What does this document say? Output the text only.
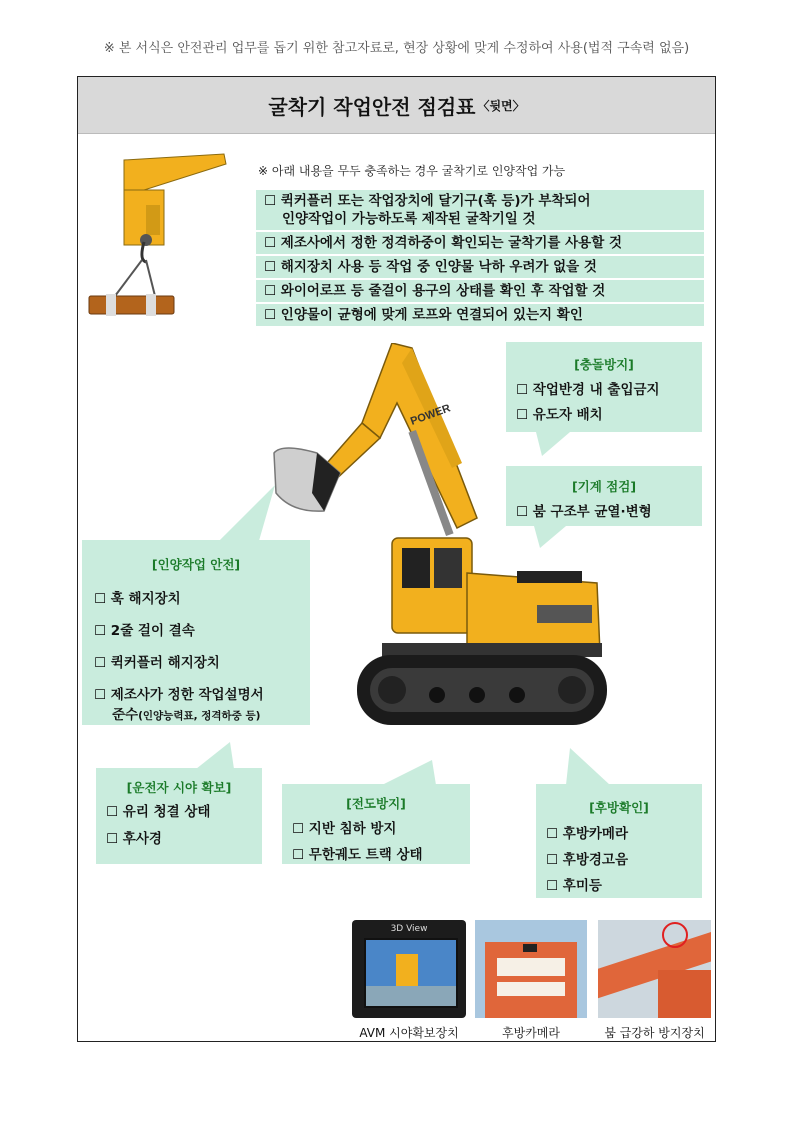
※ 본 서식은 안전관리 업무를 돕기 위한 참고자료로, 현장 상황에 맞게 수정하여 사용(법적 구속력 없음)
굴착기 작업안전 점검표 〈뒷면〉
※ 아래 내용을 무두 충족하는 경우 굴착기로 인양작업 가능
☐ 퀵커플러 또는 작업장치에 달기구(훅 등)가 부착되어
인양작업이 가능하도록 제작된 굴착기일 것
☐ 제조사에서 정한 정격하중이 확인되는 굴착기를 사용할 것
☐ 해지장치 사용 등 작업 중 인양물 낙하 우려가 없을 것
☐ 와이어로프 등 줄걸이 용구의 상태를 확인 후 작업할 것
☐ 인양물이 균형에 맞게 로프와 연결되어 있는지 확인
POWER
[충돌방지]
☐ 작업반경 내 출입금지
☐ 유도자 배치
[기계 점검]
☐ 붐 구조부 균열·변형
[인양작업 안전]
☐ 훅 해지장치
☐ 2줄 걸이 결속
☐ 퀵커플러 해지장치
☐ 제조사가 정한 작업설명서
준수(인양능력표, 정격하중 등)
[운전자 시야 확보]
☐ 유리 청결 상태
☐ 후사경
[전도방지]
☐ 지반 침하 방지
☐ 무한궤도 트랙 상태
[후방확인]
☐ 후방카메라
☐ 후방경고음
☐ 후미등
3D View
AVM 시야확보장치	후방카메라	붐 급강하 방지장치
